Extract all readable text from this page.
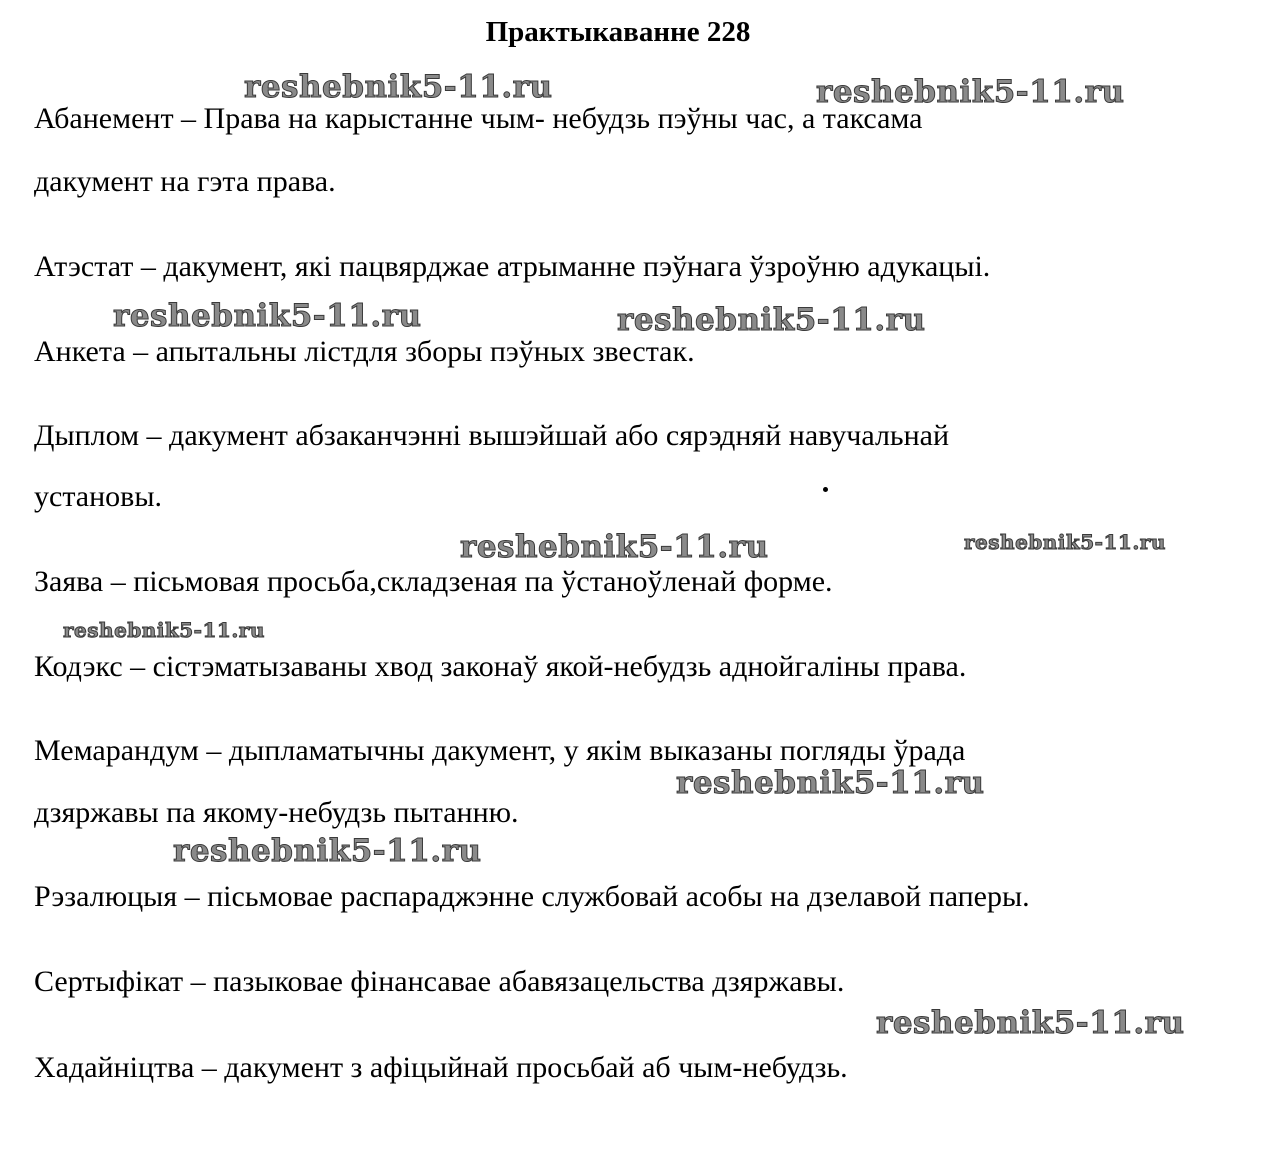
Практыкаванне 228
reshebnik5-11.ru	reshebnik5-11.ru
reshebnik5-11.ru	reshebnik5-11.ru
reshebnik5-11.ru	reshebnik5-11.ru
reshebnik5-11.ru
reshebnik5-11.ru
reshebnik5-11.ru
reshebnik5-11.ru
Абанемент – Права на карыстанне чым- небудзь пэўны час, а таксама
дакумент на гэта права.
Атэстат – дакумент, які пацвярджае атрыманне пэўнага ўзроўню адукацыі.
Анкета – апытальны лістдля зборы пэўных звестак.
Дыплом – дакумент абзаканчэнні вышэйшай або сярэдняй навучальнай
установы.
Заява – пісьмовая просьба,складзеная па ўстаноўленай форме.
Кодэкс – сістэматызаваны хвод законаў якой-небудзь аднойгаліны права.
Мемарандум – дыпламатычны дакумент, у якім выказаны погляды ўрада
дзяржавы па якому-небудзь пытанню.
Рэзалюцыя – пісьмовае распараджэнне службовай асобы на дзелавой паперы.
Сертыфікат – пазыковае фінансавае абавязацельства дзяржавы.
Хадайніцтва – дакумент з афіцыйнай просьбай аб чым-небудзь.
